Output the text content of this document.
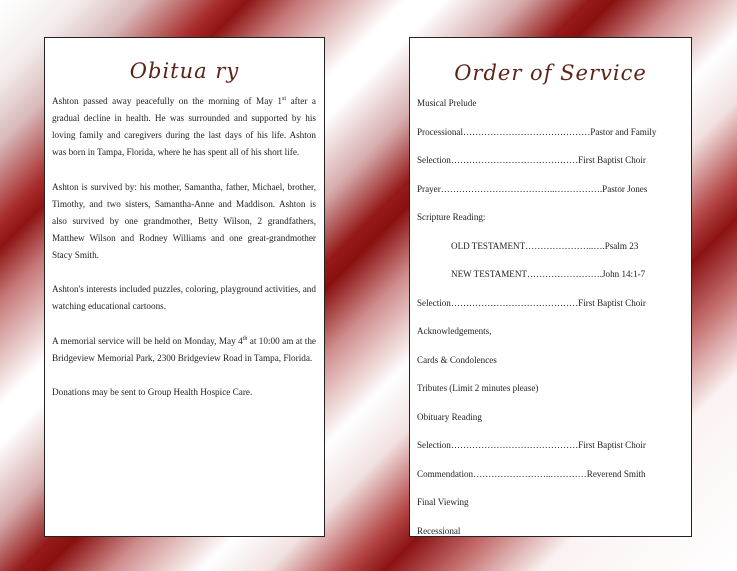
Obitua ry

Ashton passed away peacefully on the morning of May 1st after a gradual decline in health. He was surrounded and supported by his loving family and caregivers during the last days of his life. Ashton was born in Tampa, Florida, where he has spent all of his short life.

Ashton is survived by: his mother, Samantha, father, Michael, brother, Timothy, and two sisters, Samantha-Anne and Maddison. Ashton is also survived by one grandmother, Betty Wilson, 2 grandfathers, Matthew Wilson and Rodney Williams and one great-grandmother Stacy Smith.

Ashton's interests included puzzles, coloring, playground activities, and watching educational cartoons.

A memorial service will be held on Monday, May 4th at 10:00 am at the Bridgeview Memorial Park, 2300 Bridgeview Road in Tampa, Florida.

Donations may be sent to Group Health Hospice Care.

Order of Service
Musical Prelude
Processional …………………………………… Pastor and Family
Selection …………………………………… First Baptist Choir
Prayer ………………………………..……………. Pastor Jones
Scripture Reading:
OLD TESTAMENT …………………..…. Psalm 23
NEW TESTAMENT ……………………. John 14:1-7
Selection …………………………………… First Baptist Choir
Acknowledgements,
Cards & Condolences
Tributes (Limit 2 minutes please)
Obituary Reading
Selection …………………………………… First Baptist Choir
Commendation ……………………..………… Reverend Smith
Final Viewing
Recessional
